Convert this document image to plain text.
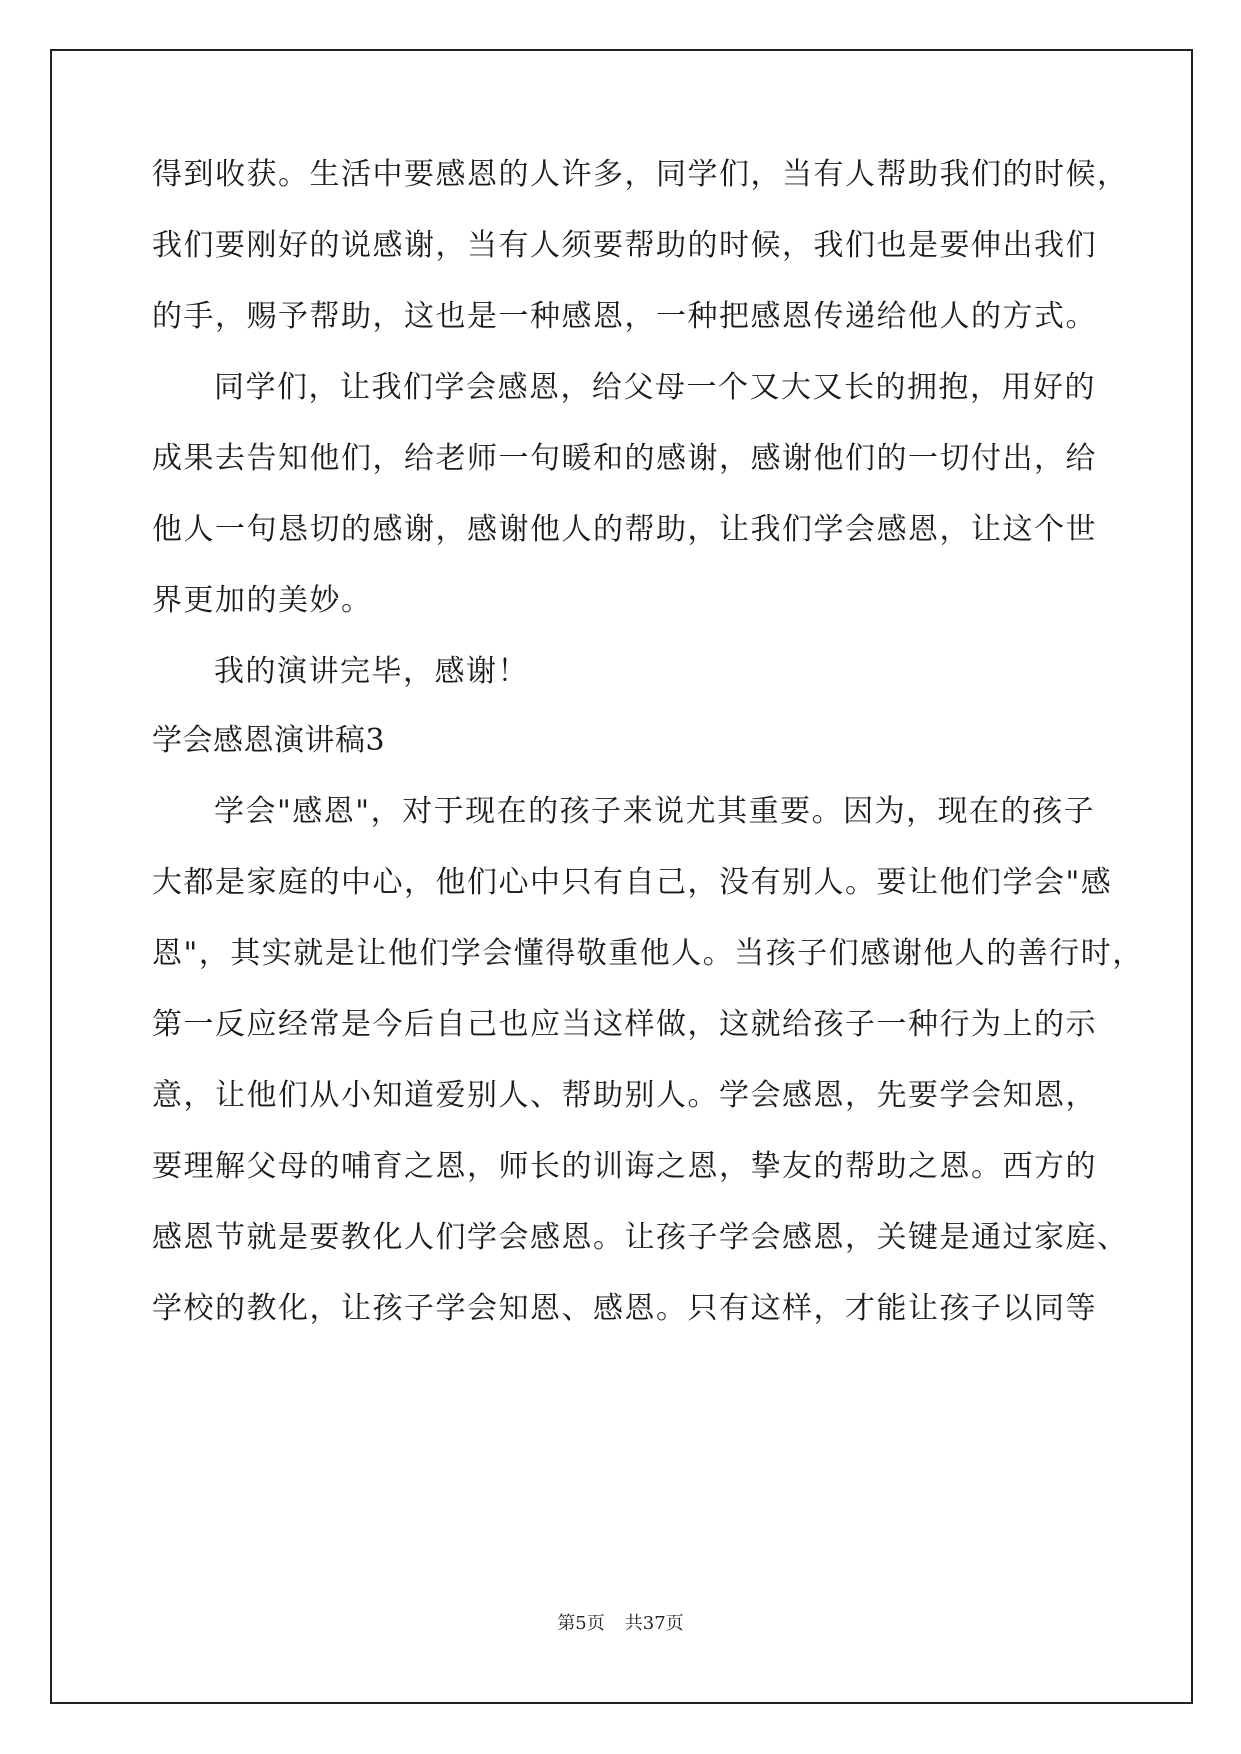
得到收获。生活中要感恩的人许多，同学们，当有人帮助我们的时候，
我们要刚好的说感谢，当有人须要帮助的时候，我们也是要伸出我们
的手，赐予帮助，这也是一种感恩，一种把感恩传递给他人的方式。
同学们，让我们学会感恩，给父母一个又大又长的拥抱，用好的
成果去告知他们，给老师一句暖和的感谢，感谢他们的一切付出，给
他人一句恳切的感谢，感谢他人的帮助，让我们学会感恩，让这个世
界更加的美妙。
我的演讲完毕，感谢！
学会感恩演讲稿3
学会"感恩"，对于现在的孩子来说尤其重要。因为，现在的孩子
大都是家庭的中心，他们心中只有自己，没有别人。要让他们学会"感
恩"，其实就是让他们学会懂得敬重他人。当孩子们感谢他人的善行时，
第一反应经常是今后自己也应当这样做，这就给孩子一种行为上的示
意，让他们从小知道爱别人、帮助别人。学会感恩，先要学会知恩，
要理解父母的哺育之恩，师长的训诲之恩，挚友的帮助之恩。西方的
感恩节就是要教化人们学会感恩。让孩子学会感恩，关键是通过家庭、
学校的教化，让孩子学会知恩、感恩。只有这样，才能让孩子以同等
第5页 共37页
